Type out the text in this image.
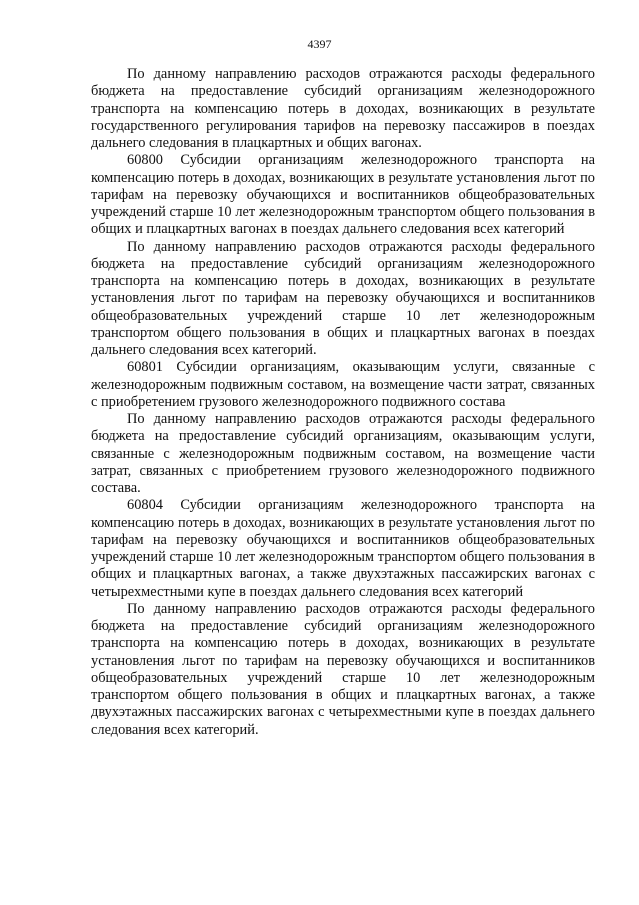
4397

По данному направлению расходов отражаются расходы федерального бюджета на предоставление субсидий организациям железнодорожного транспорта на компенсацию потерь в доходах, возникающих в результате государственного регулирования тарифов на перевозку пассажиров в поездах дальнего следования в плацкартных и общих вагонах.

60800 Субсидии организациям железнодорожного транспорта на компенсацию потерь в доходах, возникающих в результате установления льгот по тарифам на перевозку обучающихся и воспитанников общеобразовательных учреждений старше 10 лет железнодорожным транспортом общего пользования в общих и плацкартных вагонах в поездах дальнего следования всех категорий

По данному направлению расходов отражаются расходы федерального бюджета на предоставление субсидий организациям железнодорожного транспорта на компенсацию потерь в доходах, возникающих в результате установления льгот по тарифам на перевозку обучающихся и воспитанников общеобразовательных учреждений старше 10 лет железнодорожным транспортом общего пользования в общих и плацкартных вагонах в поездах дальнего следования всех категорий.

60801 Субсидии организациям, оказывающим услуги, связанные с железнодорожным подвижным составом, на возмещение части затрат, связанных с приобретением грузового железнодорожного подвижного состава

По данному направлению расходов отражаются расходы федерального бюджета на предоставление субсидий организациям, оказывающим услуги, связанные с железнодорожным подвижным составом, на возмещение части затрат, связанных с приобретением грузового железнодорожного подвижного состава.

60804 Субсидии организациям железнодорожного транспорта на компенсацию потерь в доходах, возникающих в результате установления льгот по тарифам на перевозку обучающихся и воспитанников общеобразовательных учреждений старше 10 лет железнодорожным транспортом общего пользования в общих и плацкартных вагонах, а также двухэтажных пассажирских вагонах с четырехместными купе в поездах дальнего следования всех категорий

По данному направлению расходов отражаются расходы федерального бюджета на предоставление субсидий организациям железнодорожного транспорта на компенсацию потерь в доходах, возникающих в результате установления льгот по тарифам на перевозку обучающихся и воспитанников общеобразовательных учреждений старше 10 лет железнодорожным транспортом общего пользования в общих и плацкартных вагонах, а также двухэтажных пассажирских вагонах с четырехместными купе в поездах дальнего следования всех категорий.
